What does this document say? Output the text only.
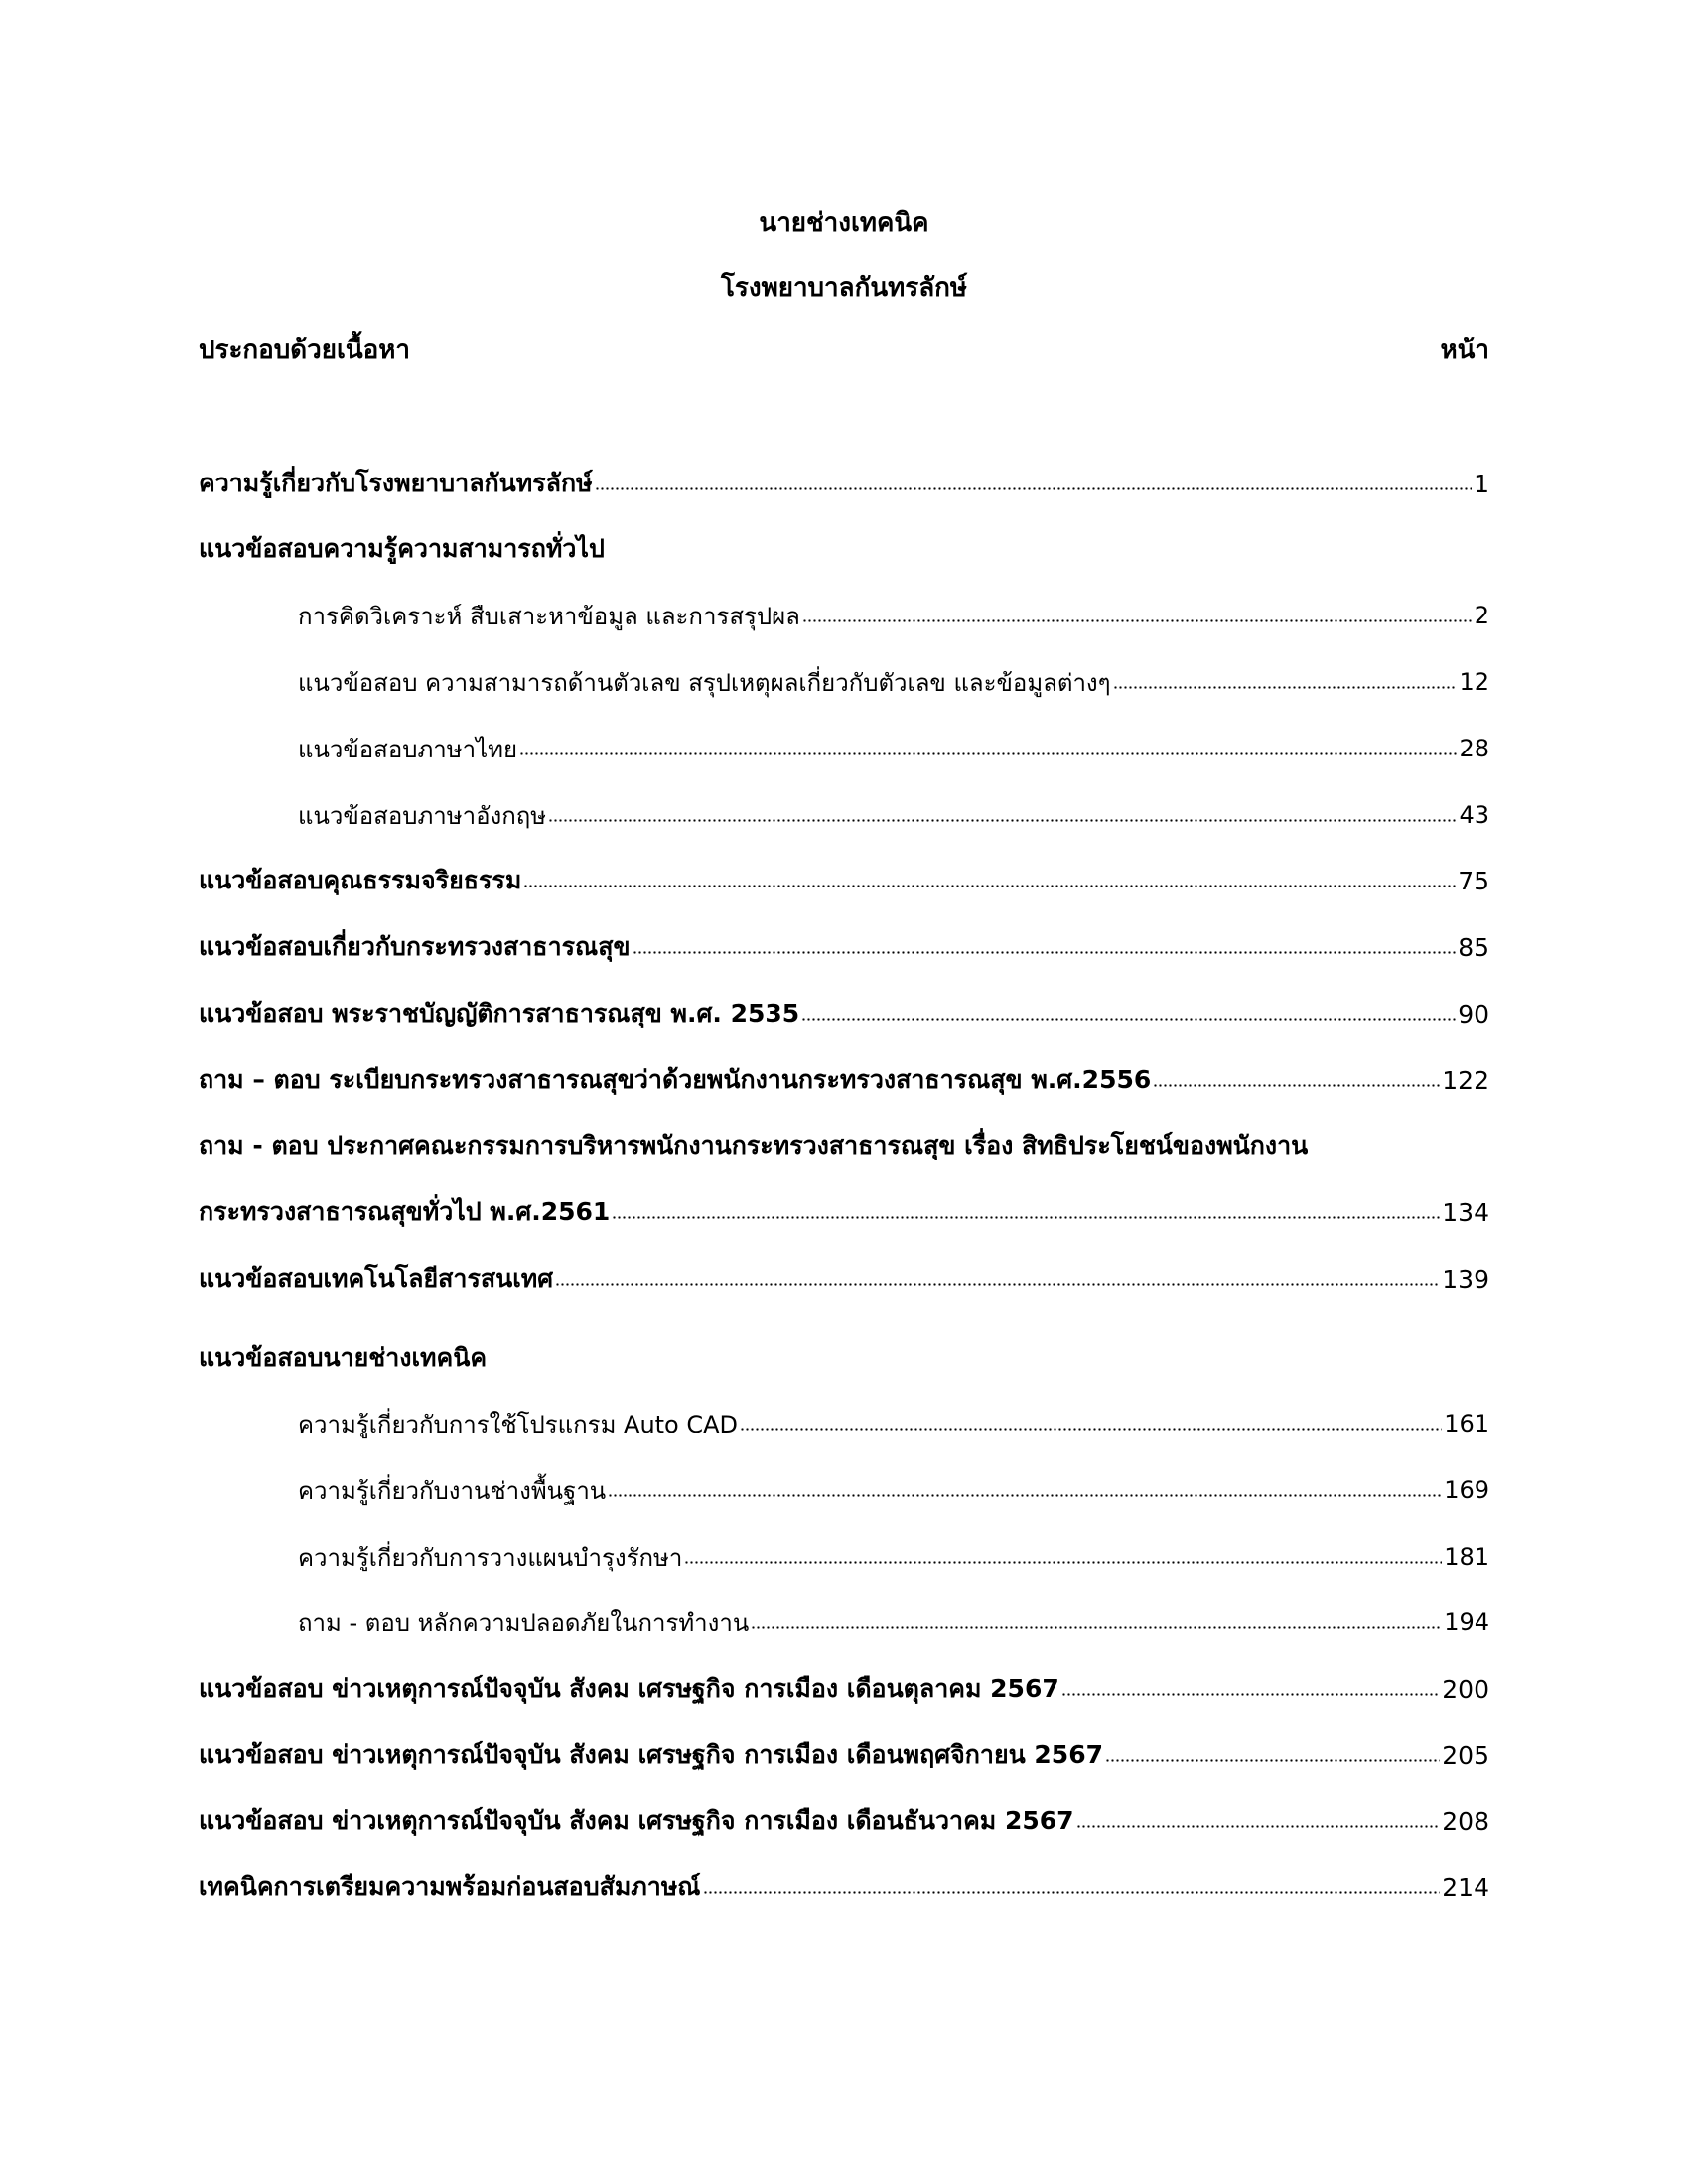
นายช่างเทคนิค
โรงพยาบาลกันทรลักษ์
ประกอบด้วยเนื้อหา	หน้า
ความรู้เกี่ยวกับโรงพยาบาลกันทรลักษ์	1
แนวข้อสอบความรู้ความสามารถทั่วไป
การคิดวิเคราะห์ สืบเสาะหาข้อมูล และการสรุปผล	2
แนวข้อสอบ ความสามารถด้านตัวเลข สรุปเหตุผลเกี่ยวกับตัวเลข และข้อมูลต่างๆ	12
แนวข้อสอบภาษาไทย	28
แนวข้อสอบภาษาอังกฤษ	43
แนวข้อสอบคุณธรรมจริยธรรม	75
แนวข้อสอบเกี่ยวกับกระทรวงสาธารณสุข	85
แนวข้อสอบ พระราชบัญญัติการสาธารณสุข พ.ศ. 2535	90
ถาม – ตอบ ระเบียบกระทรวงสาธารณสุขว่าด้วยพนักงานกระทรวงสาธารณสุข พ.ศ.2556	122
ถาม - ตอบ ประกาศคณะกรรมการบริหารพนักงานกระทรวงสาธารณสุข เรื่อง สิทธิประโยชน์ของพนักงาน
กระทรวงสาธารณสุขทั่วไป พ.ศ.2561	134
แนวข้อสอบเทคโนโลยีสารสนเทศ	139
แนวข้อสอบนายช่างเทคนิค
ความรู้เกี่ยวกับการใช้โปรแกรม Auto CAD	161
ความรู้เกี่ยวกับงานช่างพื้นฐาน	169
ความรู้เกี่ยวกับการวางแผนบำรุงรักษา	181
ถาม - ตอบ หลักความปลอดภัยในการทำงาน	194
แนวข้อสอบ ข่าวเหตุการณ์ปัจจุบัน สังคม เศรษฐกิจ การเมือง เดือนตุลาคม 2567	200
แนวข้อสอบ ข่าวเหตุการณ์ปัจจุบัน สังคม เศรษฐกิจ การเมือง เดือนพฤศจิกายน 2567	205
แนวข้อสอบ ข่าวเหตุการณ์ปัจจุบัน สังคม เศรษฐกิจ การเมือง เดือนธันวาคม 2567	208
เทคนิคการเตรียมความพร้อมก่อนสอบสัมภาษณ์	214
